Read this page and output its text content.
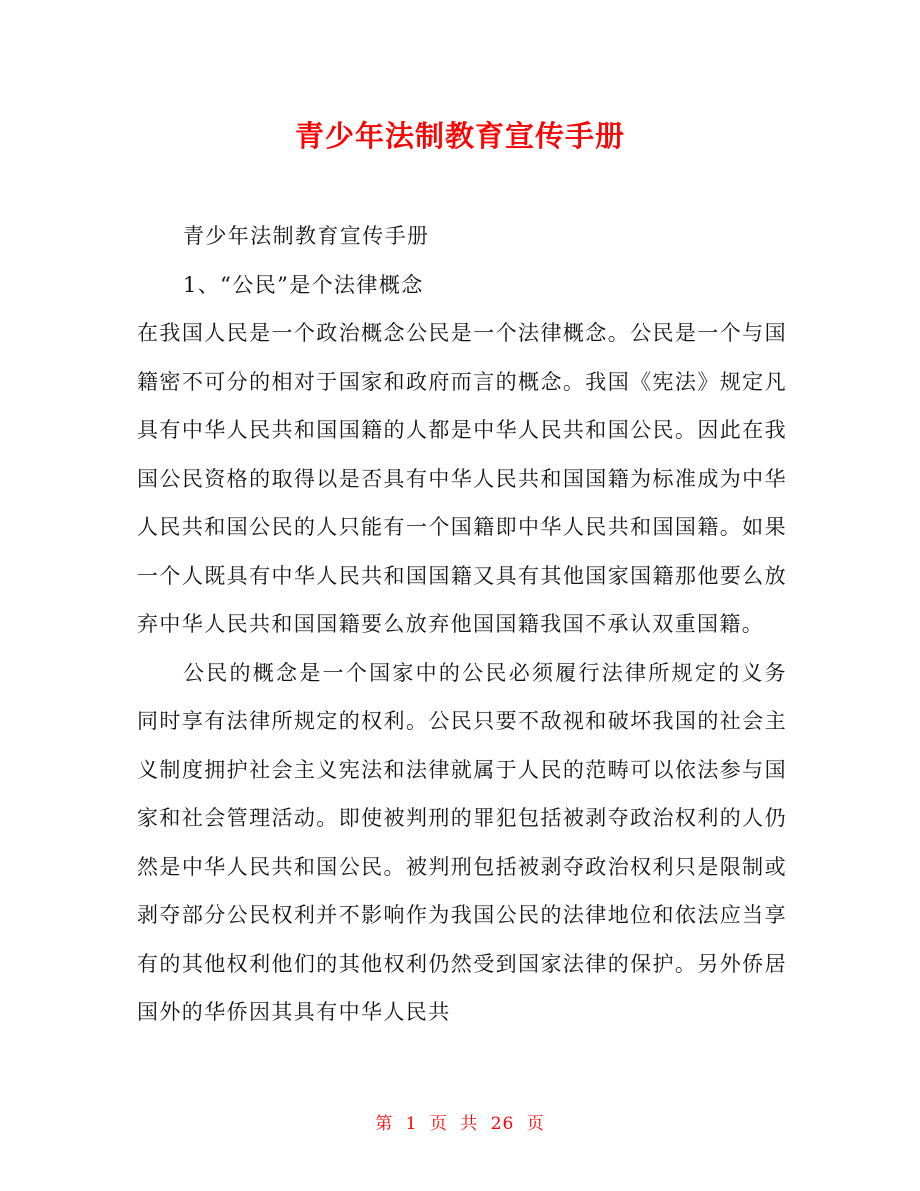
青少年法制教育宣传手册

青少年法制教育宣传手册

1、“公民”是个法律概念

在我国人民是一个政治概念公民是一个法律概念。公民是一个与国籍密不可分的相对于国家和政府而言的概念。我国《宪法》规定凡具有中华人民共和国国籍的人都是中华人民共和国公民。因此在我国公民资格的取得以是否具有中华人民共和国国籍为标准成为中华人民共和国公民的人只能有一个国籍即中华人民共和国国籍。如果一个人既具有中华人民共和国国籍又具有其他国家国籍那他要么放弃中华人民共和国国籍要么放弃他国国籍我国不承认双重国籍。

公民的概念是一个国家中的公民必须履行法律所规定的义务同时享有法律所规定的权利。公民只要不敌视和破坏我国的社会主义制度拥护社会主义宪法和法律就属于人民的范畴可以依法参与国家和社会管理活动。即使被判刑的罪犯包括被剥夺政治权利的人仍然是中华人民共和国公民。被判刑包括被剥夺政治权利只是限制或剥夺部分公民权利并不影响作为我国公民的法律地位和依法应当享有的其他权利他们的其他权利仍然受到国家法律的保护。另外侨居国外的华侨因其具有中华人民共

第 1 页 共 26 页
